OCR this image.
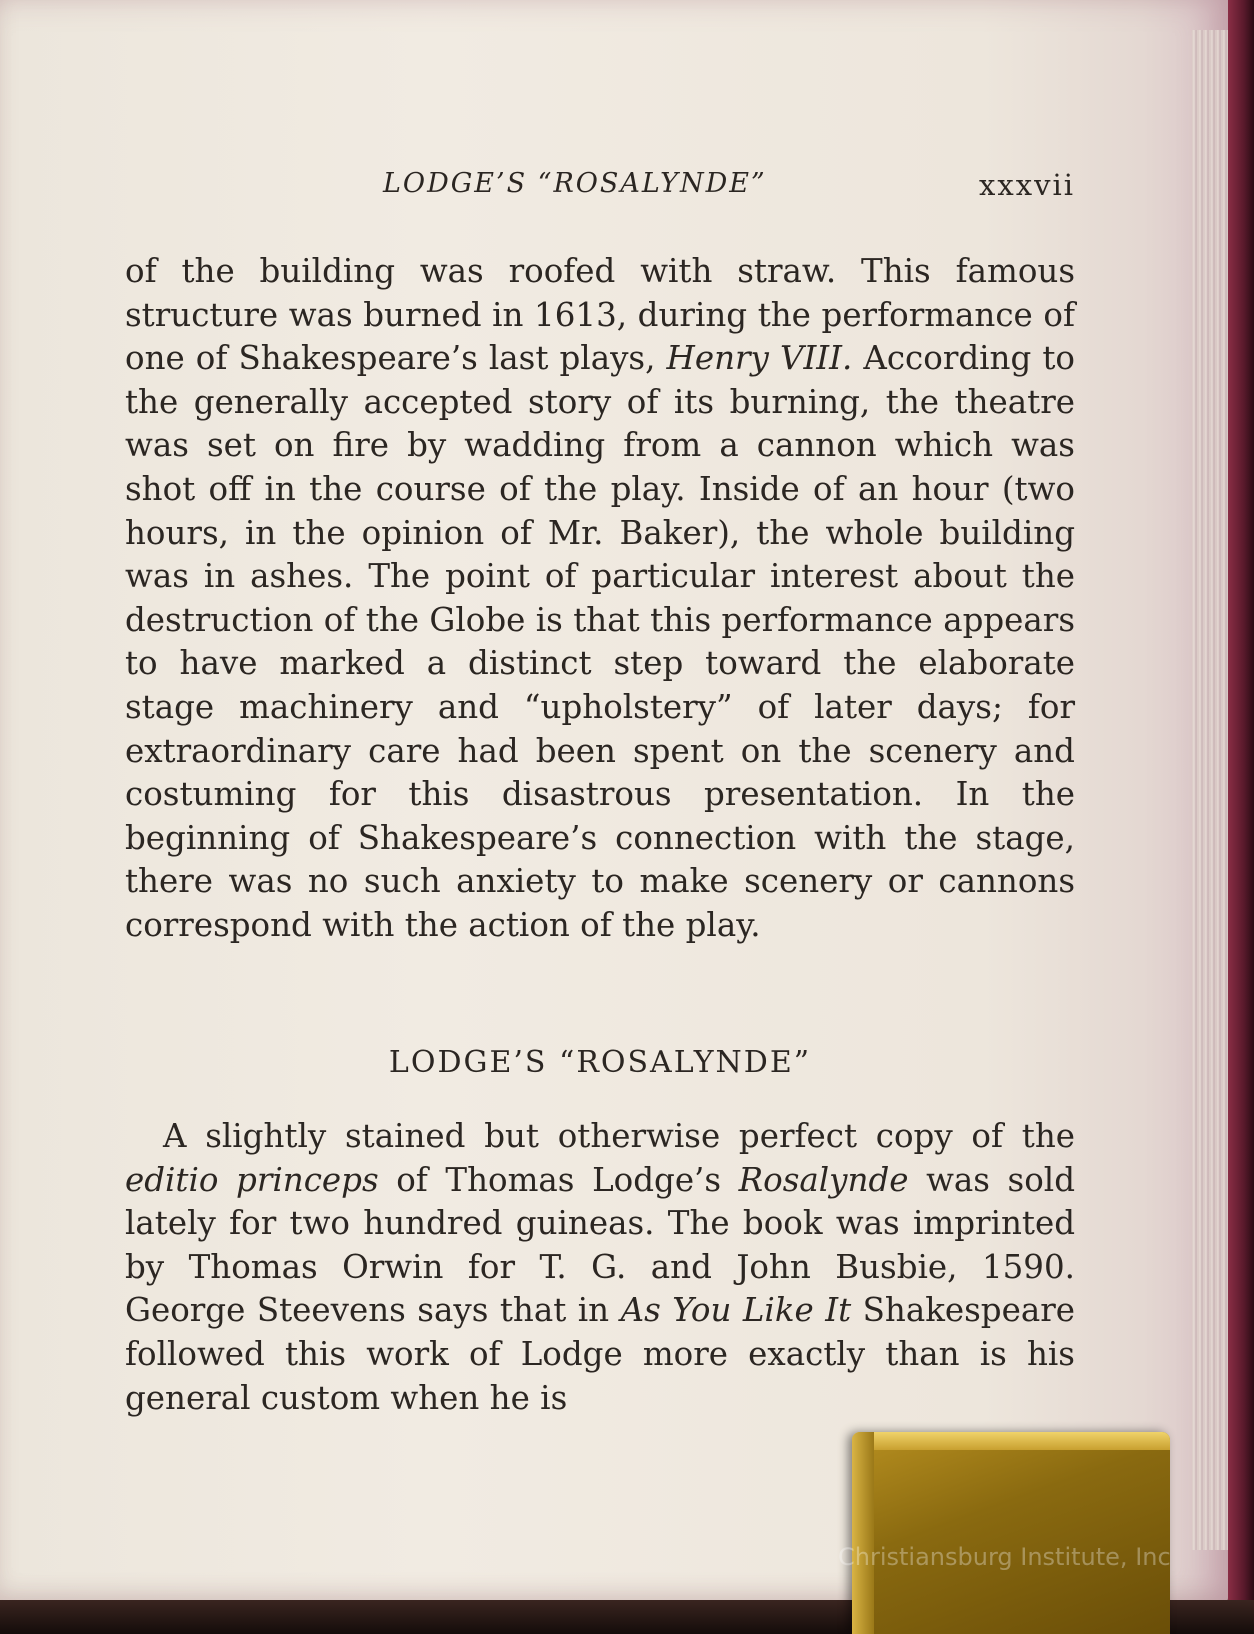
LODGE’S “ROSALYNDE”	xxxvii

of the building was roofed with straw. This famous structure was burned in 1613, during the performance of one of Shakespeare’s last plays, Henry VIII. According to the generally accepted story of its burning, the theatre was set on fire by wadding from a cannon which was shot off in the course of the play. Inside of an hour (two hours, in the opinion of Mr. Baker), the whole building was in ashes. The point of particular interest about the destruction of the Globe is that this performance appears to have marked a distinct step toward the elaborate stage machinery and “upholstery” of later days; for extraordinary care had been spent on the scenery and costuming for this disastrous presentation. In the beginning of Shakespeare’s connection with the stage, there was no such anxiety to make scenery or cannons correspond with the action of the play.

LODGE’S “ROSALYNDE”

A slightly stained but otherwise perfect copy of the editio princeps of Thomas Lodge’s Rosalynde was sold lately for two hundred guineas. The book was imprinted by Thomas Orwin for T. G. and John Busbie, 1590. George Steevens says that in As You Like It Shakespeare followed this work of Lodge more exactly than is his general custom when he is

Christiansburg Institute, Inc
